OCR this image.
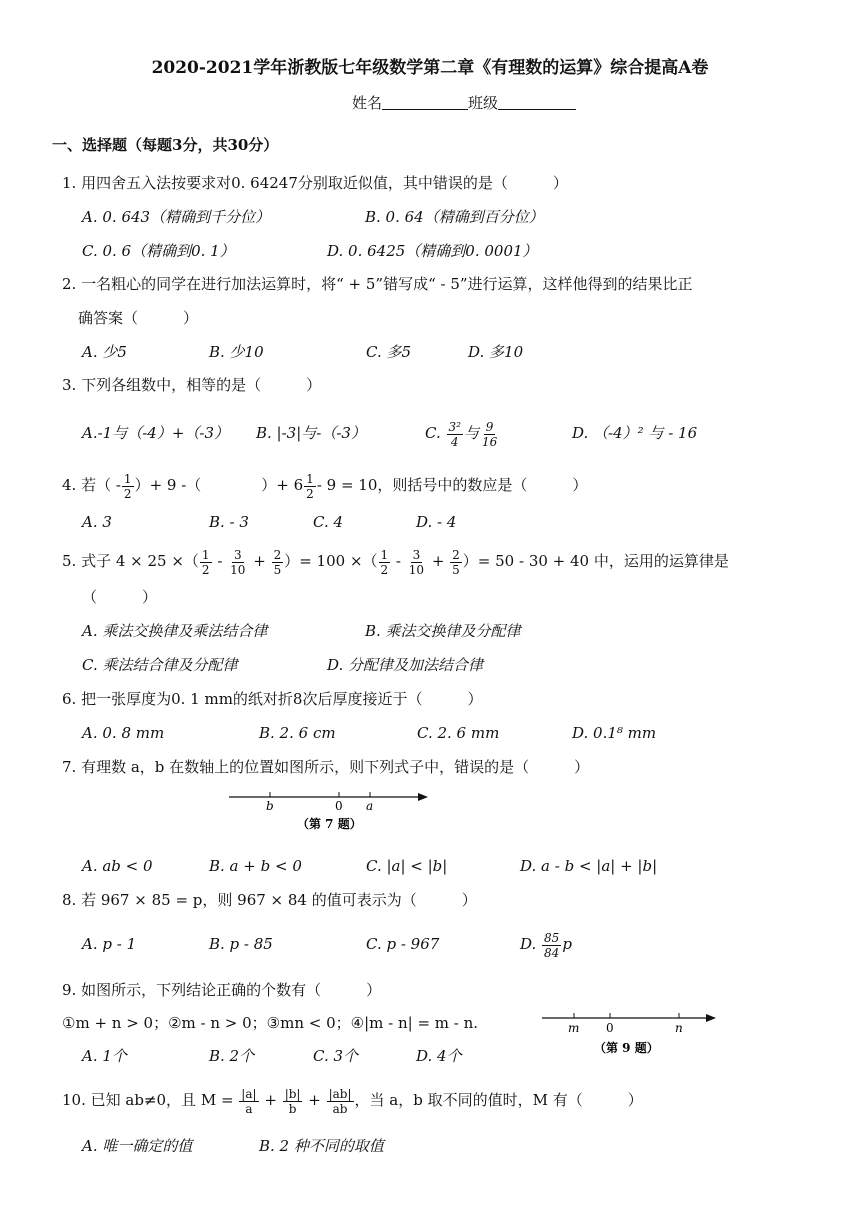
2020-2021学年浙教版七年级数学第二章《有理数的运算》综合提高A卷
姓名	班级
一、选择题（每题3分，共30分）
1. 用四舍五入法按要求对0. 64247分别取近似值，其中错误的是（　　　）
A. 0. 643（精确到千分位）	B. 0. 64（精确到百分位）
C. 0. 6（精确到0. 1）	D. 0. 6425（精确到0. 0001）
2. 一名粗心的同学在进行加法运算时，将“ + 5”错写成“ - 5”进行运算，这样他得到的结果比正
确答案（　　　）
A. 少5	B. 少10	C. 多5	D. 多10
3. 下列各组数中，相等的是（　　　）
A.-1与（-4）+（-3） B. |-3|与-（-3）	C. $\frac{\text{3²}}{4}$ 与 $\frac{9}{16}$	D. （-4）² 与 - 16
4. 若（ - $\frac{1}{2}$ ）+ 9 -（　　　　）+ $6 \frac{1}{2} - 9 = 10$，则括号中的数应是（　　　）
A. 3	B. - 3	C. 4	D. - 4
5. 式子 4 × 25 ×（ $\frac{1}{2} - \frac{3}{10} + \frac{2}{5}$ ）= 100 ×（ $\frac{1}{2} - \frac{3}{10} + \frac{2}{5}$ ）= 50 - 30 + 40 中，运用的运算律是
（　　　）
A. 乘法交换律及乘法结合律	B. 乘法交换律及分配律
C. 乘法结合律及分配律	D. 分配律及加法结合律
6. 把一张厚度为0. 1 mm的纸对折8次后厚度接近于（　　　）
A. 0. 8 mm	B. 2. 6 cm	C. 2. 6 mm	D. 0.1⁸ mm
7. 有理数 a，b 在数轴上的位置如图所示，则下列式子中，错误的是（　　　）
b	0 a
（第 7 题）
A. ab < 0	B. a + b < 0	C. |a| < |b|	D. a - b < |a| + |b|
8. 若 967 × 85 = p，则 967 × 84 的值可表示为（　　　）
A. p - 1	B. p - 85	C. p - 967	D. $\frac{85}{84}$ p
9. 如图所示，下列结论正确的个数有（　　　）
①m + n > 0；②m - n > 0；③mn < 0；④|m - n| = m - n.	m 0	n
（第 9 题）
A. 1个	B. 2个	C. 3个	D. 4个
10. 已知 ab≠0，且 $M = \frac{|a|}{a} + \frac{|b|}{b} + \frac{|ab|}{ab}$ ，当 a，b 取不同的值时，M 有（　　　）
A. 唯一确定的值	B. 2 种不同的取值
